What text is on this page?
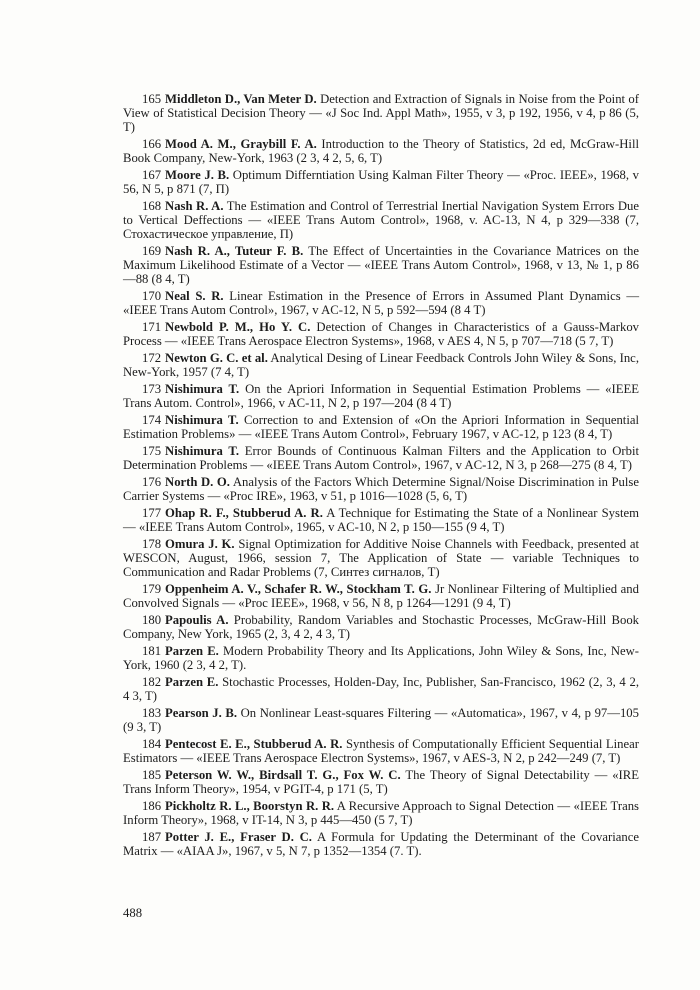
165 Middleton D., Van Meter D. Detection and Extraction of Signals in Noise from the Point of View of Statistical Decision Theory — «J Soc Ind. Appl Math», 1955, v 3, p 192, 1956, v 4, p 86 (5, T)

166 Mood A. M., Graybill F. A. Introduction to the Theory of Statistics, 2d ed, McGraw-Hill Book Company, New-York, 1963 (2 3, 4 2, 5, 6, T)

167 Moore J. B. Optimum Differntiation Using Kalman Filter Theory — «Proc. IEEE», 1968, v 56, N 5, p 871 (7, П)

168 Nash R. A. The Estimation and Control of Terrestrial Inertial Navigation System Errors Due to Vertical Deffections — «IEEE Trans Autom Control», 1968, v. AC-13, N 4, p 329—338 (7, Стохастическое управление, П)

169 Nash R. A., Tuteur F. B. The Effect of Uncertainties in the Covariance Matrices on the Maximum Likelihood Estimate of a Vector — «IEEE Trans Autom Control», 1968, v 13, № 1, p 86—88 (8 4, T)

170 Neal S. R. Linear Estimation in the Presence of Errors in Assumed Plant Dynamics — «IEEE Trans Autom Control», 1967, v AC-12, N 5, p 592—594 (8 4 T)

171 Newbold P. M., Ho Y. C. Detection of Changes in Characteristics of a Gauss-Markov Process — «IEEE Trans Aerospace Electron Systems», 1968, v AES 4, N 5, p 707—718 (5 7, T)

172 Newton G. C. et al. Analytical Desing of Linear Feedback Controls John Wiley & Sons, Inc, New-York, 1957 (7 4, T)

173 Nishimura T. On the Apriori Information in Sequential Estimation Problems — «IEEE Trans Autom. Control», 1966, v AC-11, N 2, p 197—204 (8 4 T)

174 Nishimura T. Correction to and Extension of «On the Apriori Information in Sequential Estimation Problems» — «IEEE Trans Autom Control», February 1967, v AC-12, p 123 (8 4, T)

175 Nishimura T. Error Bounds of Continuous Kalman Filters and the Application to Orbit Determination Problems — «IEEE Trans Autom Control», 1967, v AC-12, N 3, p 268—275 (8 4, T)

176 North D. O. Analysis of the Factors Which Determine Signal/Noise Discrimination in Pulse Carrier Systems — «Proc IRE», 1963, v 51, p 1016—1028 (5, 6, T)

177 Ohap R. F., Stubberud A. R. A Technique for Estimating the State of a Nonlinear System — «IEEE Trans Autom Control», 1965, v AC-10, N 2, p 150—155 (9 4, T)

178 Omura J. K. Signal Optimization for Additive Noise Channels with Feedback, presented at WESCON, August, 1966, session 7, The Application of State — variable Techniques to Communication and Radar Problems (7, Синтез сигналов, T)

179 Oppenheim A. V., Schafer R. W., Stockham T. G. Jr Nonlinear Filtering of Multiplied and Convolved Signals — «Proc IEEE», 1968, v 56, N 8, p 1264—1291 (9 4, T)

180 Papoulis A. Probability, Random Variables and Stochastic Processes, McGraw-Hill Book Company, New York, 1965 (2, 3, 4 2, 4 3, T)

181 Parzen E. Modern Probability Theory and Its Applications, John Wiley & Sons, Inc, New-York, 1960 (2 3, 4 2, T).

182 Parzen E. Stochastic Processes, Holden-Day, Inc, Publisher, San-Francisco, 1962 (2, 3, 4 2, 4 3, T)

183 Pearson J. B. On Nonlinear Least-squares Filtering — «Automatica», 1967, v 4, p 97—105 (9 3, T)

184 Pentecost E. E., Stubberud A. R. Synthesis of Computationally Efficient Sequential Linear Estimators — «IEEE Trans Aerospace Electron Systems», 1967, v AES-3, N 2, p 242—249 (7, T)

185 Peterson W. W., Birdsall T. G., Fox W. C. The Theory of Signal Detectability — «IRE Trans Inform Theory», 1954, v PGIT-4, p 171 (5, T)

186 Pickholtz R. L., Boorstyn R. R. A Recursive Approach to Signal Detection — «IEEE Trans Inform Theory», 1968, v IT-14, N 3, p 445—450 (5 7, T)

187 Potter J. E., Fraser D. C. A Formula for Updating the Determinant of the Covariance Matrix — «AIAA J», 1967, v 5, N 7, p 1352—1354 (7. T).

488
